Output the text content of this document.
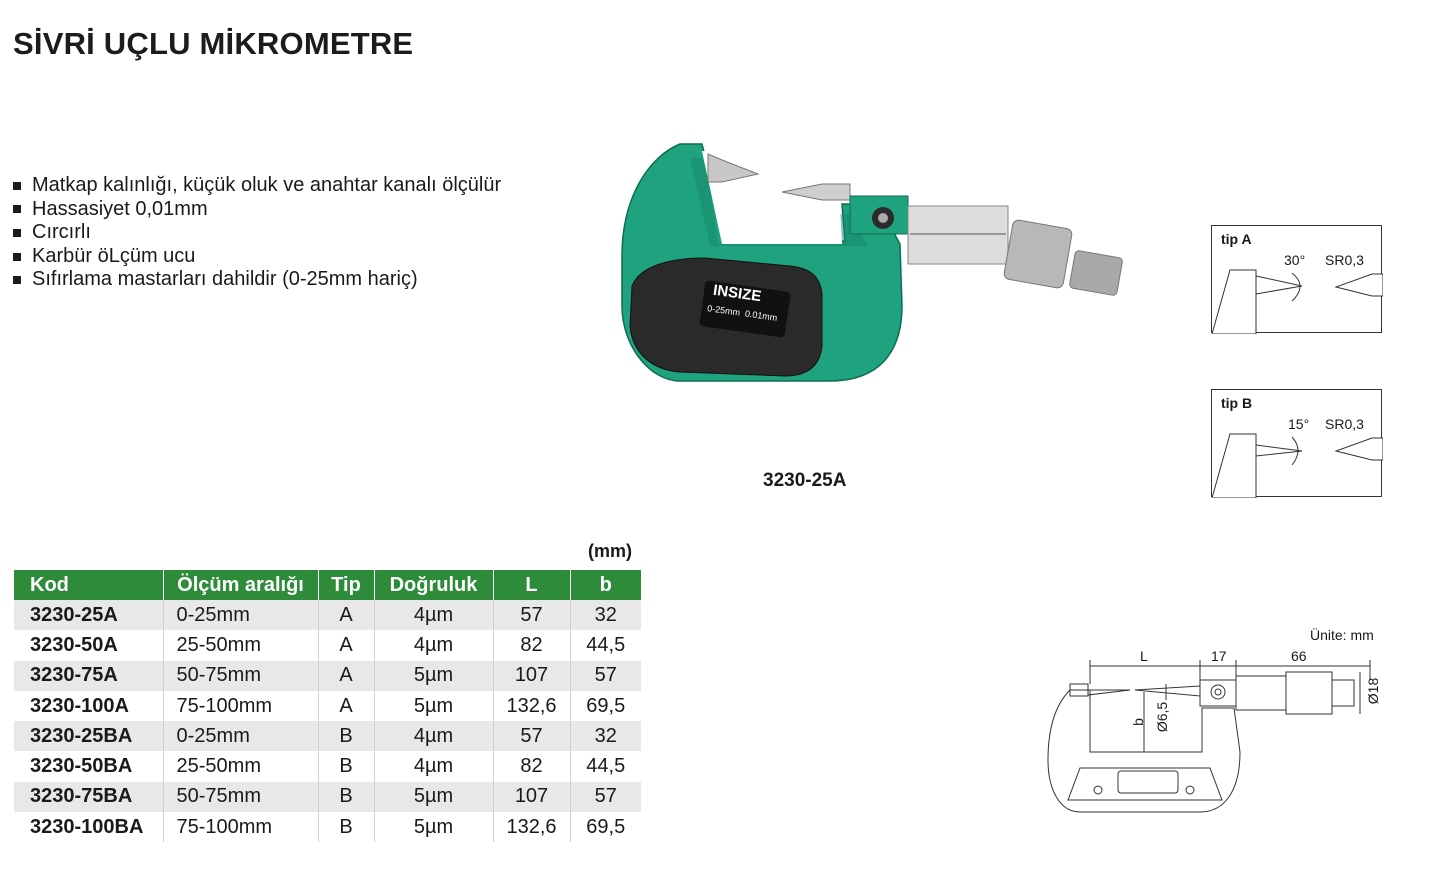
SİVRİ UÇLU MİKROMETRE
Matkap kalınlığı, küçük oluk ve anahtar kanalı ölçülür
Hassasiyet 0,01mm
Cırcırlı
Karbür öLçüm ucu
Sıfırlama mastarları dahildir (0-25mm hariç)
INSIZE
0-25mm  0.01mm
3230-25A
tip A
30° SR0,3
tip B
15° SR0,3
(mm)
Kod	Ölçüm aralığı	Tip	Doğruluk	L	b
3230-25A	0-25mm	A	4µm	57	32
3230-50A	25-50mm	A	4µm	82	44,5
3230-75A	50-75mm	A	5µm	107	57
3230-100A	75-100mm	A	5µm	132,6	69,5
3230-25BA	0-25mm	B	4µm	57	32
3230-50BA	25-50mm	B	4µm	82	44,5
3230-75BA	50-75mm	B	5µm	107	57
3230-100BA	75-100mm	B	5µm	132,6	69,5
Ünite: mm
L	17	66
b Ø6,5
Ø18
